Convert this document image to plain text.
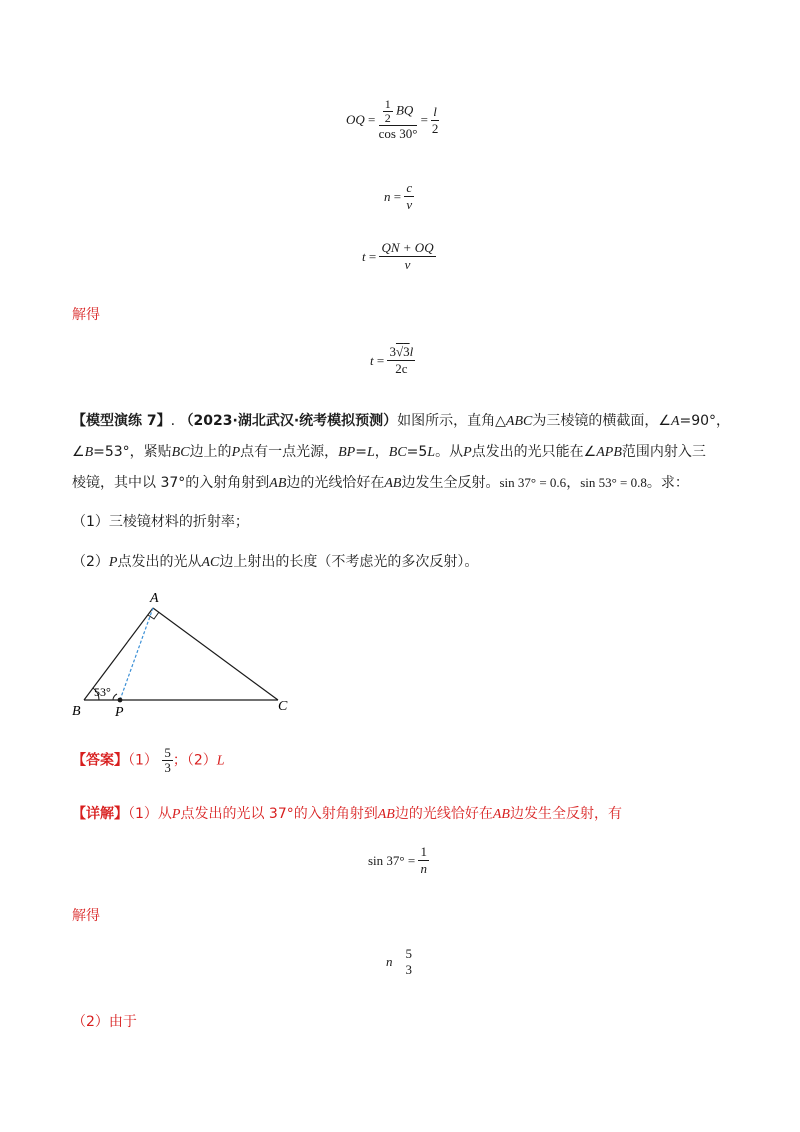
OQ = $\frac{\frac{1}{2} BQ}{\cos 30^\circ} = \frac{l}{2}$
$n = \frac{c}{v}$
$t = \frac{QN + OQ}{v}$
解得
$t = \frac{3√3l}{2c}$
【模型演练 7】. （2023·湖北武汉·统考模拟预测）如图所示，直角△ABC为三棱镜的横截面，∠A=90°，
∠B=53°，紧贴BC边上的P点有一点光源，BP=L，BC=5L。从P点发出的光只能在∠APB范围内射入三
棱镜，其中以 37°的入射角射到AB边的光线恰好在AB边发生全反射。sin 37° = 0.6，sin 53° = 0.8。求：
（1）三棱镜材料的折射率；
（2）P点发出的光从AC边上射出的长度（不考虑光的多次反射）。
A
B	C
P
53°
【答案】$(1) \frac{5}{3}$ ；（2）L
【详解】（1）从P点发出的光以 37°的入射角射到AB边的光线恰好在AB边发生全反射，有
$\sin 37^\circ = \frac{1}{n}$
解得
n
5
3
（2）由于
